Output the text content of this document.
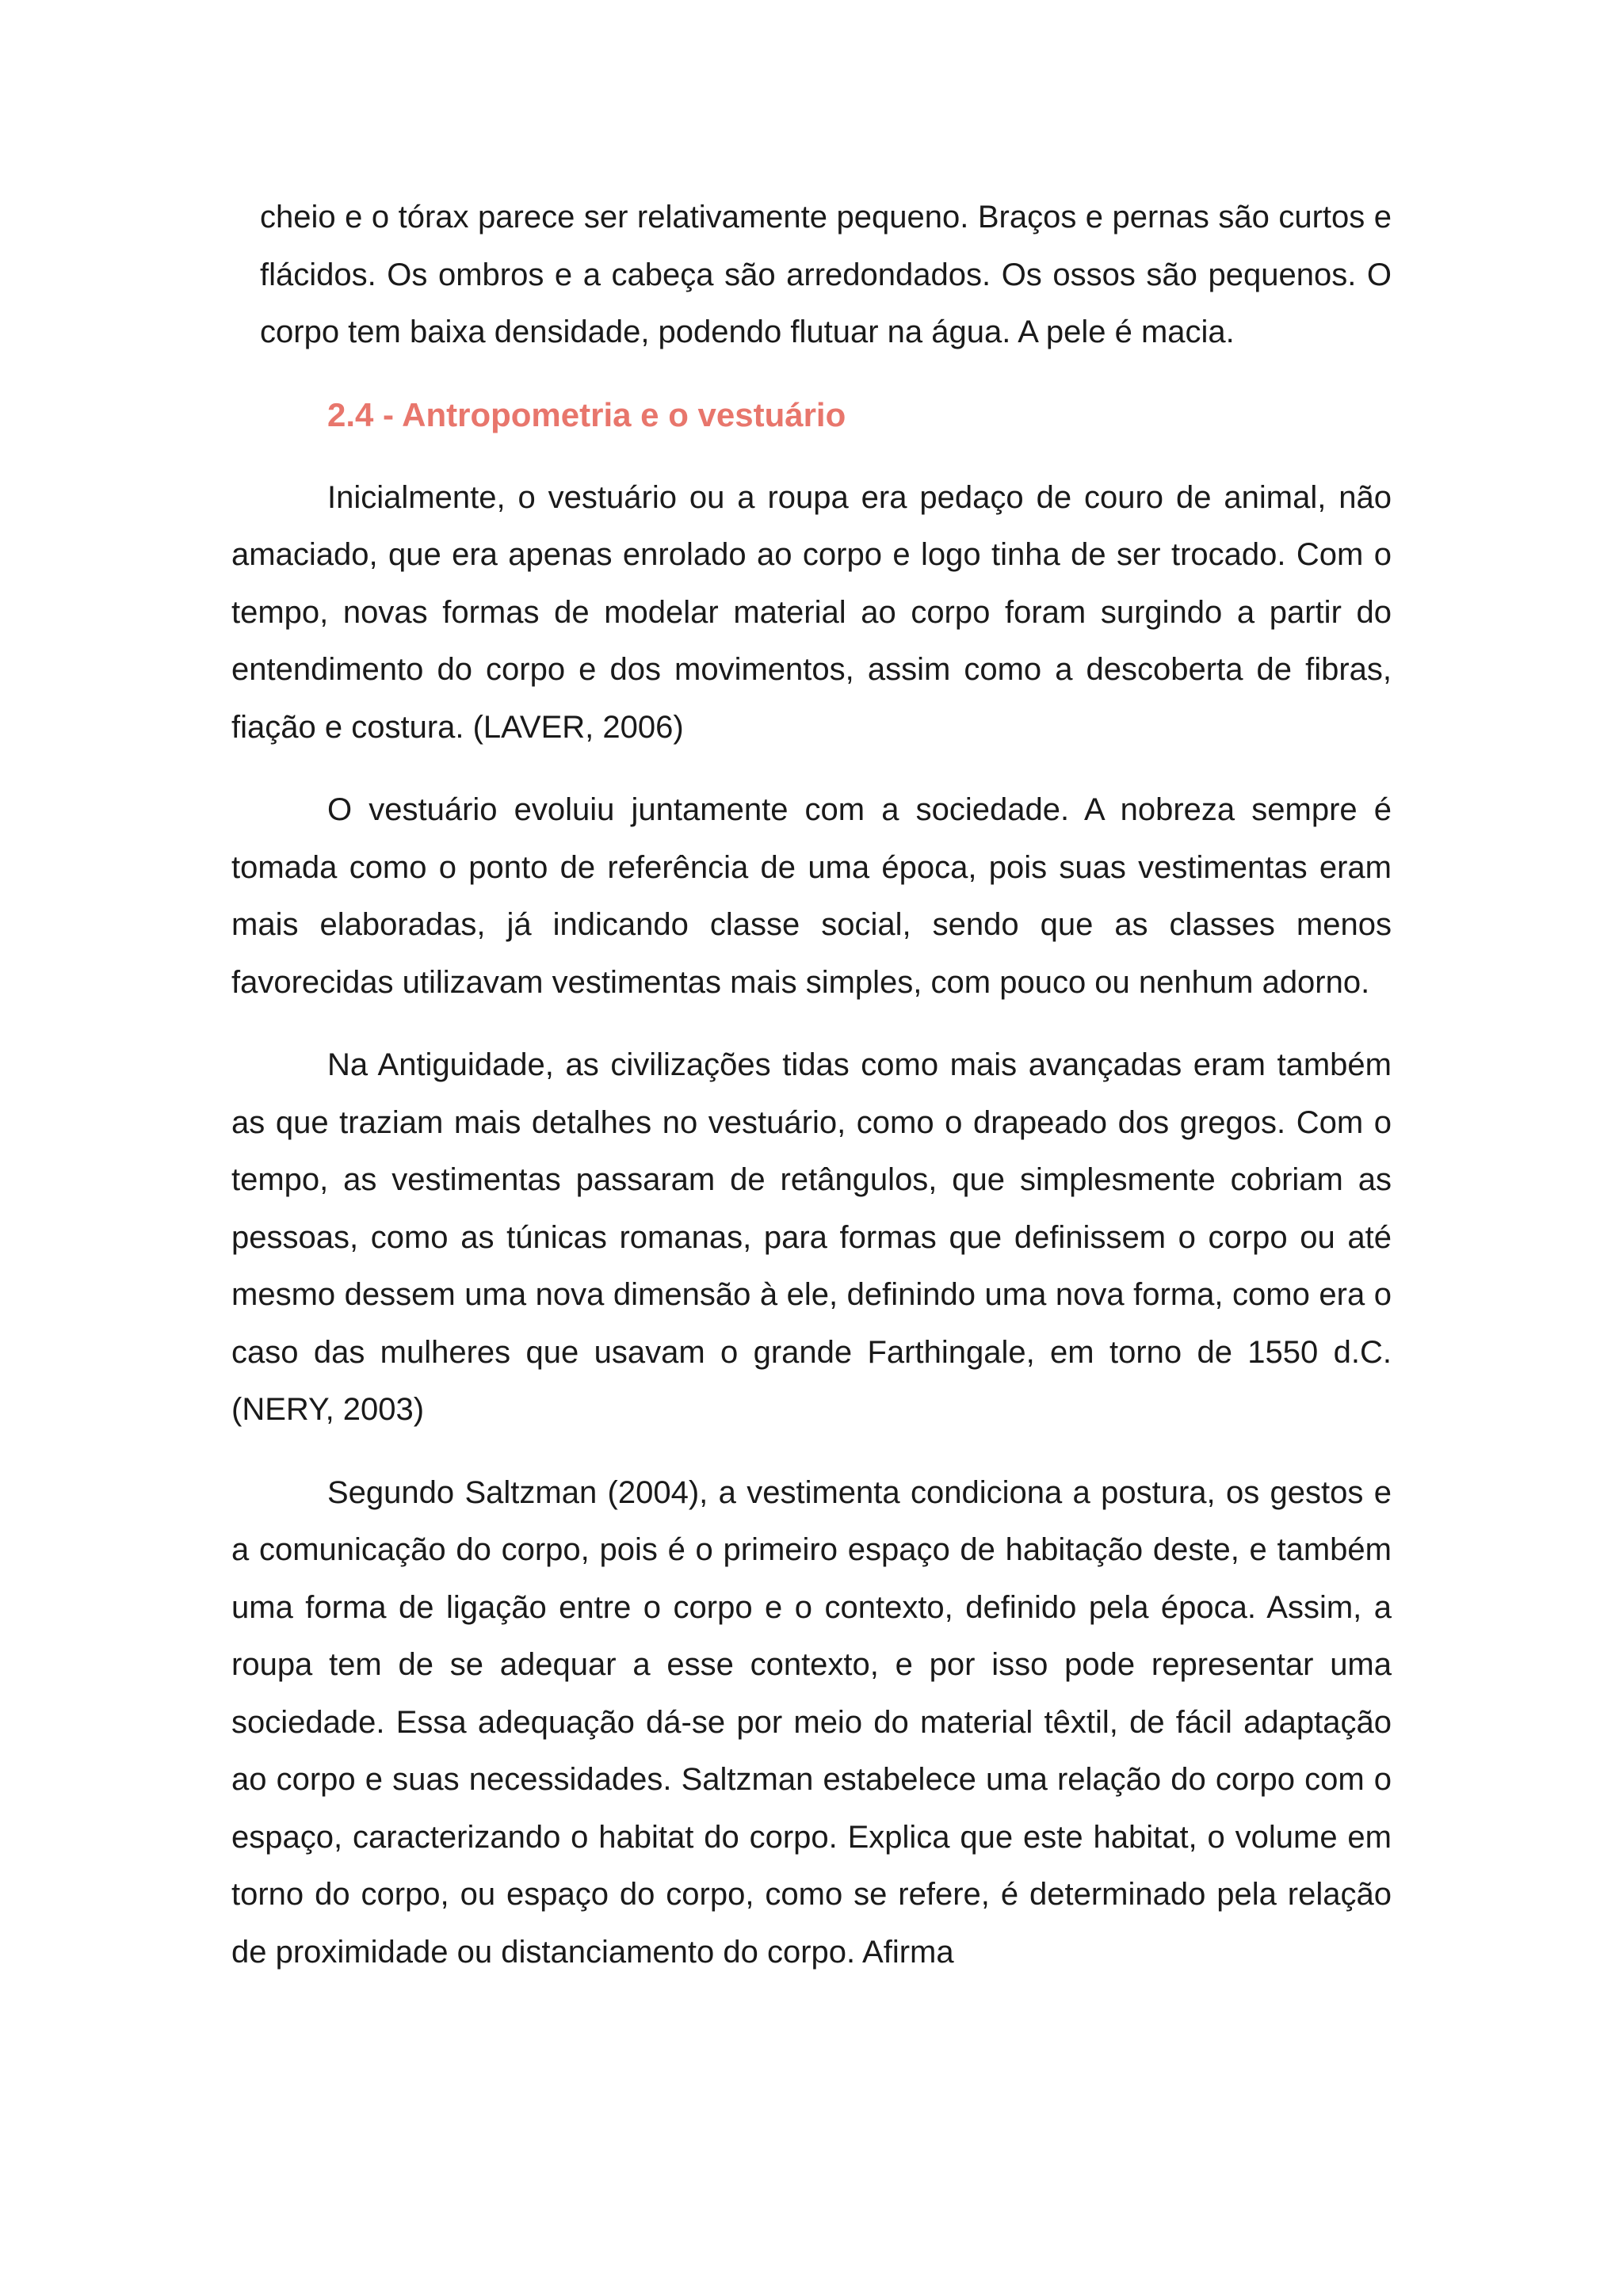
cheio e o tórax parece ser relativamente pequeno. Braços e pernas são curtos e flácidos. Os ombros e a cabeça são arredondados. Os ossos são pequenos. O corpo tem baixa densidade, podendo flutuar na água. A pele é macia.

2.4 - Antropometria e o vestuário

Inicialmente, o vestuário ou a roupa era pedaço de couro de animal, não amaciado, que era apenas enrolado ao corpo e logo tinha de ser trocado. Com o tempo, novas formas de modelar material ao corpo foram surgindo a partir do entendimento do corpo e dos movimentos, assim como a descoberta de fibras, fiação e costura. (LAVER, 2006)

O vestuário evoluiu juntamente com a sociedade. A nobreza sempre é tomada como o ponto de referência de uma época, pois suas vestimentas eram mais elaboradas, já indicando classe social, sendo que as classes menos favorecidas utilizavam vestimentas mais simples, com pouco ou nenhum adorno.

Na Antiguidade, as civilizações tidas como mais avançadas eram também as que traziam mais detalhes no vestuário, como o drapeado dos gregos. Com o tempo, as vestimentas passaram de retângulos, que simplesmente cobriam as pessoas, como as túnicas romanas, para formas que definissem o corpo ou até mesmo dessem uma nova dimensão à ele, definindo uma nova forma, como era o caso das mulheres que usavam o grande Farthingale, em torno de 1550 d.C. (NERY, 2003)

Segundo Saltzman (2004), a vestimenta condiciona a postura, os gestos e a comunicação do corpo, pois é o primeiro espaço de habitação deste, e também uma forma de ligação entre o corpo e o contexto, definido pela época. Assim, a roupa tem de se adequar a esse contexto, e por isso pode representar uma sociedade. Essa adequação dá-se por meio do material têxtil, de fácil adaptação ao corpo e suas necessidades. Saltzman estabelece uma relação do corpo com o espaço, caracterizando o habitat do corpo. Explica que este habitat, o volume em torno do corpo, ou espaço do corpo, como se refere, é determinado pela relação de proximidade ou distanciamento do corpo. Afirma
